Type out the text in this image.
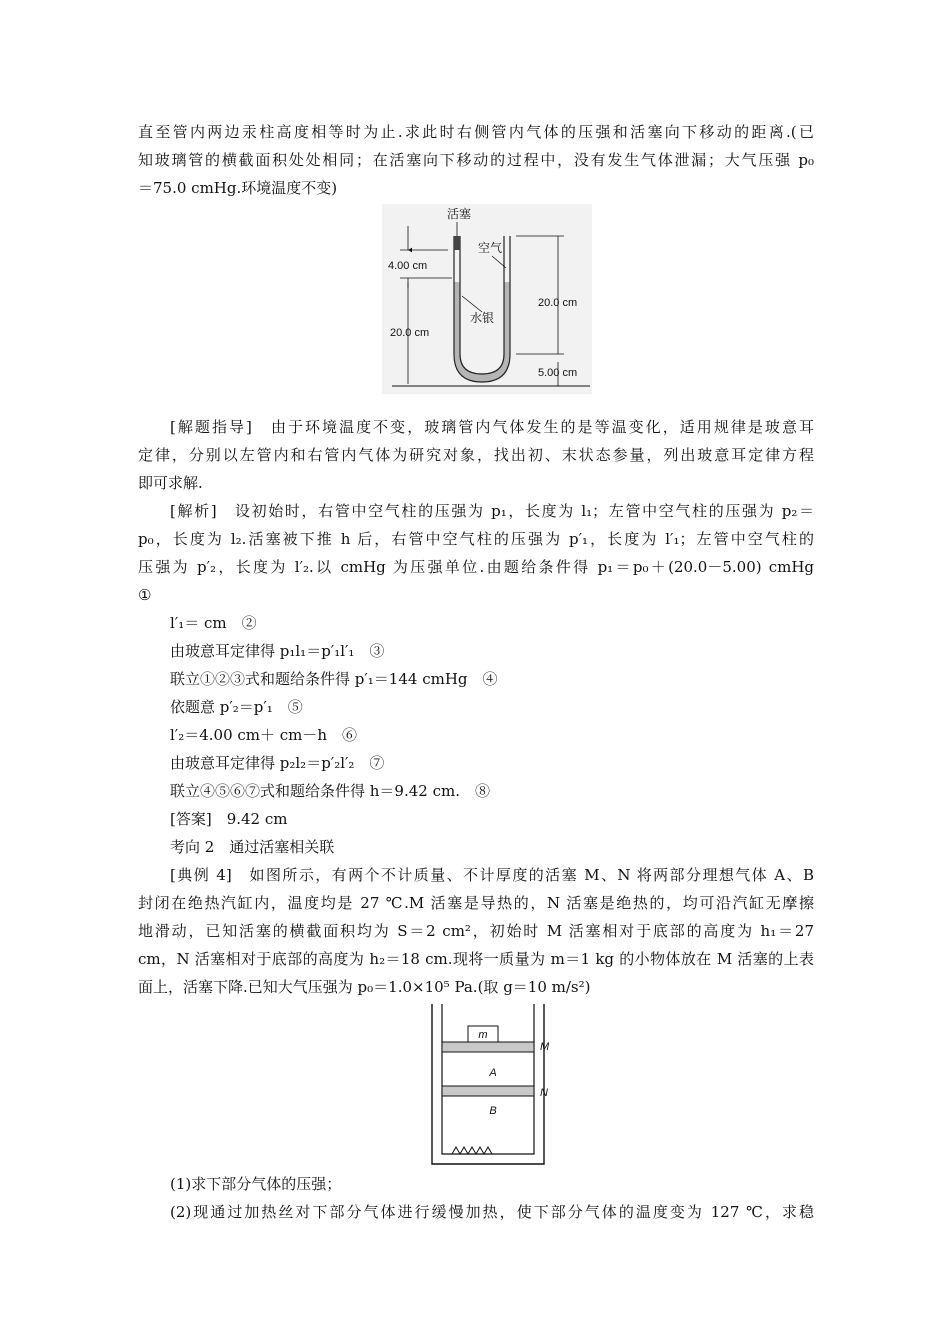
直至管内两边汞柱高度相等时为止.求此时右侧管内气体的压强和活塞向下移动的距离.(已
知玻璃管的横截面积处处相同；在活塞向下移动的过程中，没有发生气体泄漏；大气压强 p₀
＝75.0 cmHg.环境温度不变)
活塞
空气
水银
4.00 cm
20.0 cm
20.0 cm
5.00 cm
[解题指导]　由于环境温度不变，玻璃管内气体发生的是等温变化，适用规律是玻意耳
定律，分别以左管内和右管内气体为研究对象，找出初、末状态参量，列出玻意耳定律方程
即可求解.
[解析]　设初始时，右管中空气柱的压强为 p₁，长度为 l₁；左管中空气柱的压强为 p₂＝
p₀，长度为 l₂.活塞被下推 h 后，右管中空气柱的压强为 p′₁，长度为 l′₁；左管中空气柱的
压强为 p′₂，长度为 l′₂.以 cmHg 为压强单位.由题给条件得 p₁＝p₀＋(20.0－5.00) cmHg
①
l′₁＝ cm　②
由玻意耳定律得 p₁l₁＝p′₁l′₁　③
联立①②③式和题给条件得 p′₁＝144 cmHg　④
依题意 p′₂＝p′₁　⑤
l′₂＝4.00 cm＋ cm－h　⑥
由玻意耳定律得 p₂l₂＝p′₂l′₂　⑦
联立④⑤⑥⑦式和题给条件得 h＝9.42 cm.　⑧
[答案]　9.42 cm
考向 2　通过活塞相关联
[典例 4]　如图所示，有两个不计质量、不计厚度的活塞 M、N 将两部分理想气体 A、B
封闭在绝热汽缸内，温度均是 27 ℃.M 活塞是导热的，N 活塞是绝热的，均可沿汽缸无摩擦
地滑动，已知活塞的横截面积均为 S＝2 cm²，初始时 M 活塞相对于底部的高度为 h₁＝27
cm，N 活塞相对于底部的高度为 h₂＝18 cm.现将一质量为 m＝1 kg 的小物体放在 M 活塞的上表
面上，活塞下降.已知大气压强为 p₀＝1.0×10⁵ Pa.(取 g＝10 m/s²)
m
A
B
M
N
(1)求下部分气体的压强；
(2)现通过加热丝对下部分气体进行缓慢加热，使下部分气体的温度变为 127 ℃，求稳
